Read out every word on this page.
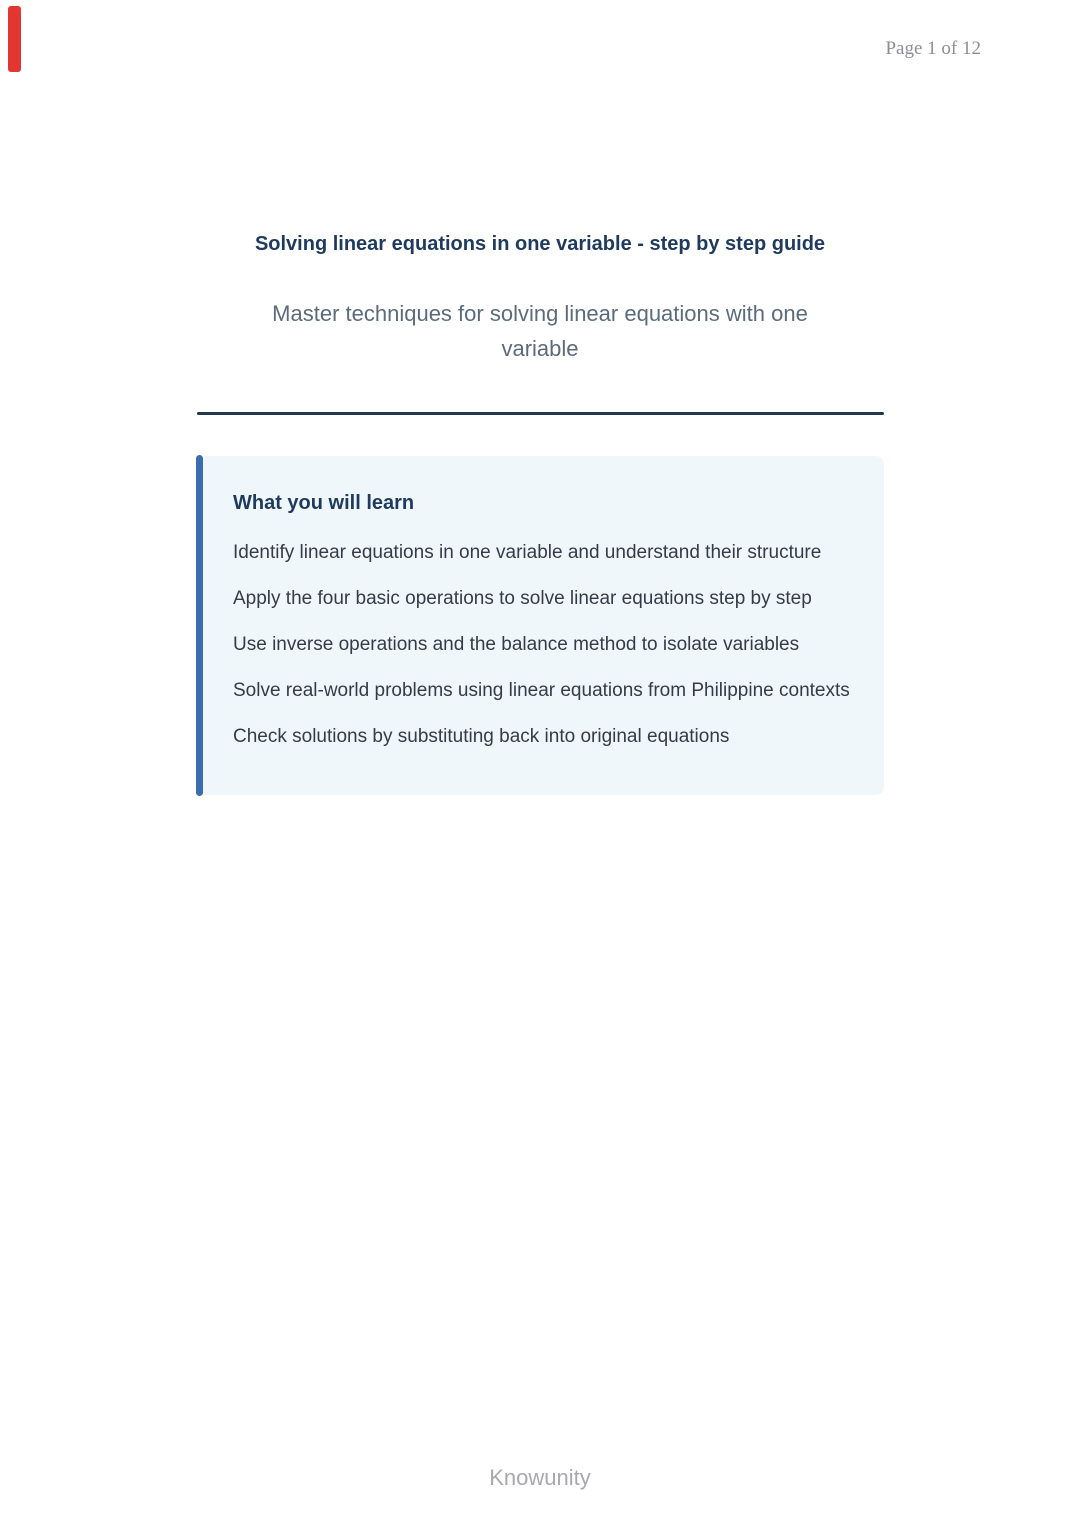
Page 1 of 12
Solving linear equations in one variable - step by step guide
Master techniques for solving linear equations with one
variable
What you will learn
Identify linear equations in one variable and understand their structure
Apply the four basic operations to solve linear equations step by step
Use inverse operations and the balance method to isolate variables
Solve real-world problems using linear equations from Philippine contexts
Check solutions by substituting back into original equations
Knowunity
